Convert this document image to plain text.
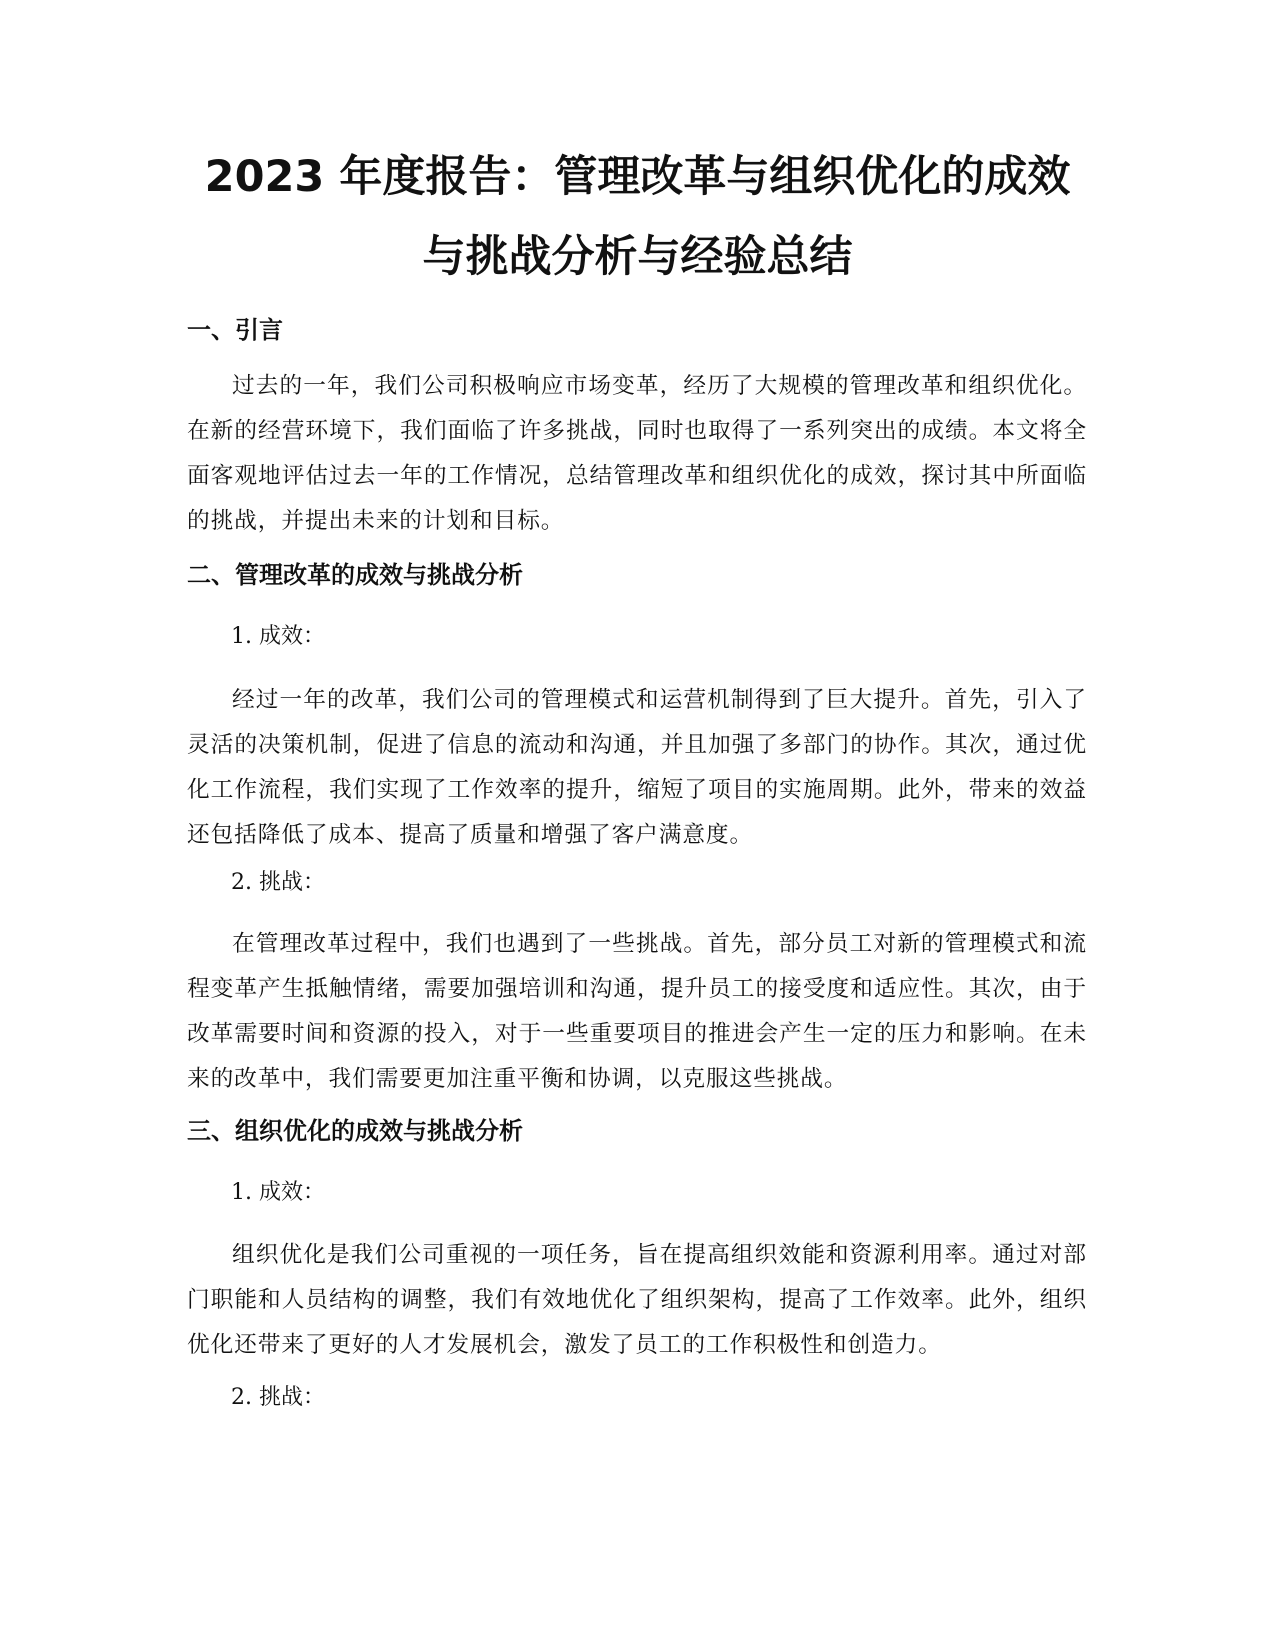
2023 年度报告：管理改革与组织优化的成效
与挑战分析与经验总结
一、引言

过去的一年，我们公司积极响应市场变革，经历了大规模的管理改革和组织优化。在新的经营环境下，我们面临了许多挑战，同时也取得了一系列突出的成绩。本文将全面客观地评估过去一年的工作情况，总结管理改革和组织优化的成效，探讨其中所面临的挑战，并提出未来的计划和目标。

二、管理改革的成效与挑战分析

1. 成效：

经过一年的改革，我们公司的管理模式和运营机制得到了巨大提升。首先，引入了灵活的决策机制，促进了信息的流动和沟通，并且加强了多部门的协作。其次，通过优化工作流程，我们实现了工作效率的提升，缩短了项目的实施周期。此外，带来的效益还包括降低了成本、提高了质量和增强了客户满意度。

2. 挑战：

在管理改革过程中，我们也遇到了一些挑战。首先，部分员工对新的管理模式和流程变革产生抵触情绪，需要加强培训和沟通，提升员工的接受度和适应性。其次，由于改革需要时间和资源的投入，对于一些重要项目的推进会产生一定的压力和影响。在未来的改革中，我们需要更加注重平衡和协调，以克服这些挑战。

三、组织优化的成效与挑战分析

1. 成效：

组织优化是我们公司重视的一项任务，旨在提高组织效能和资源利用率。通过对部门职能和人员结构的调整，我们有效地优化了组织架构，提高了工作效率。此外，组织优化还带来了更好的人才发展机会，激发了员工的工作积极性和创造力。

2. 挑战：
